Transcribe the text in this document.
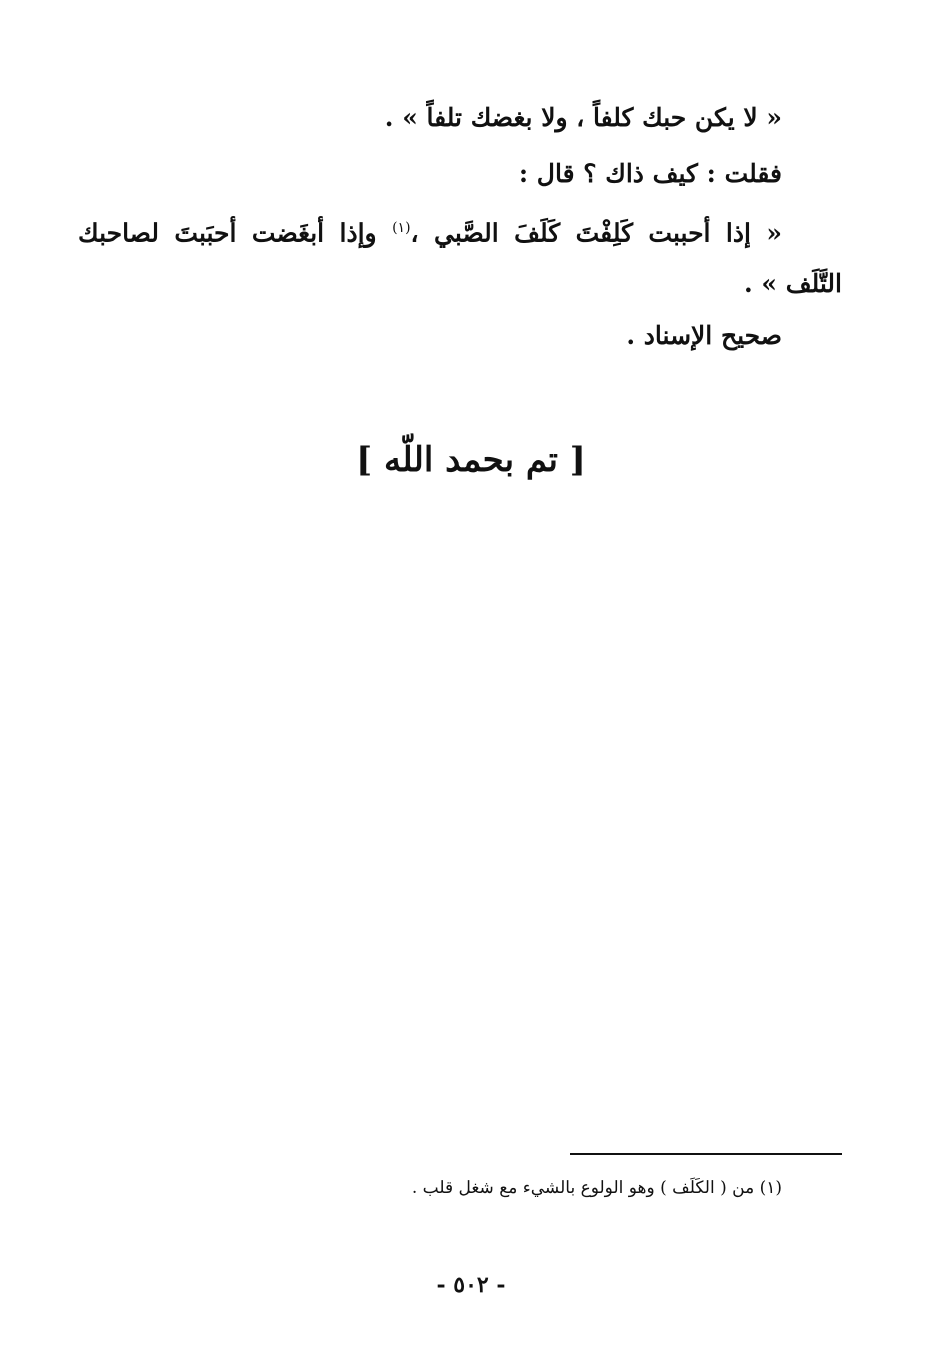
« لا يكن حبك كلفاً ، ولا بغضك تلفاً » .
فقلت : كيف ذاك ؟ قال :
« إذا أحببت كَلِفْتَ كَلَفَ الصَّبي ،$^{(١)}$ وإذا أبغَضت أحبَبتَ لصاحبك
التَّلَف » .
صحيح الإسناد .
[ تم بحمد اللّه ]
(١) من ( الكَلَف ) وهو الولوع بالشيء مع شغل قلب .
- ٥٠٢ -
